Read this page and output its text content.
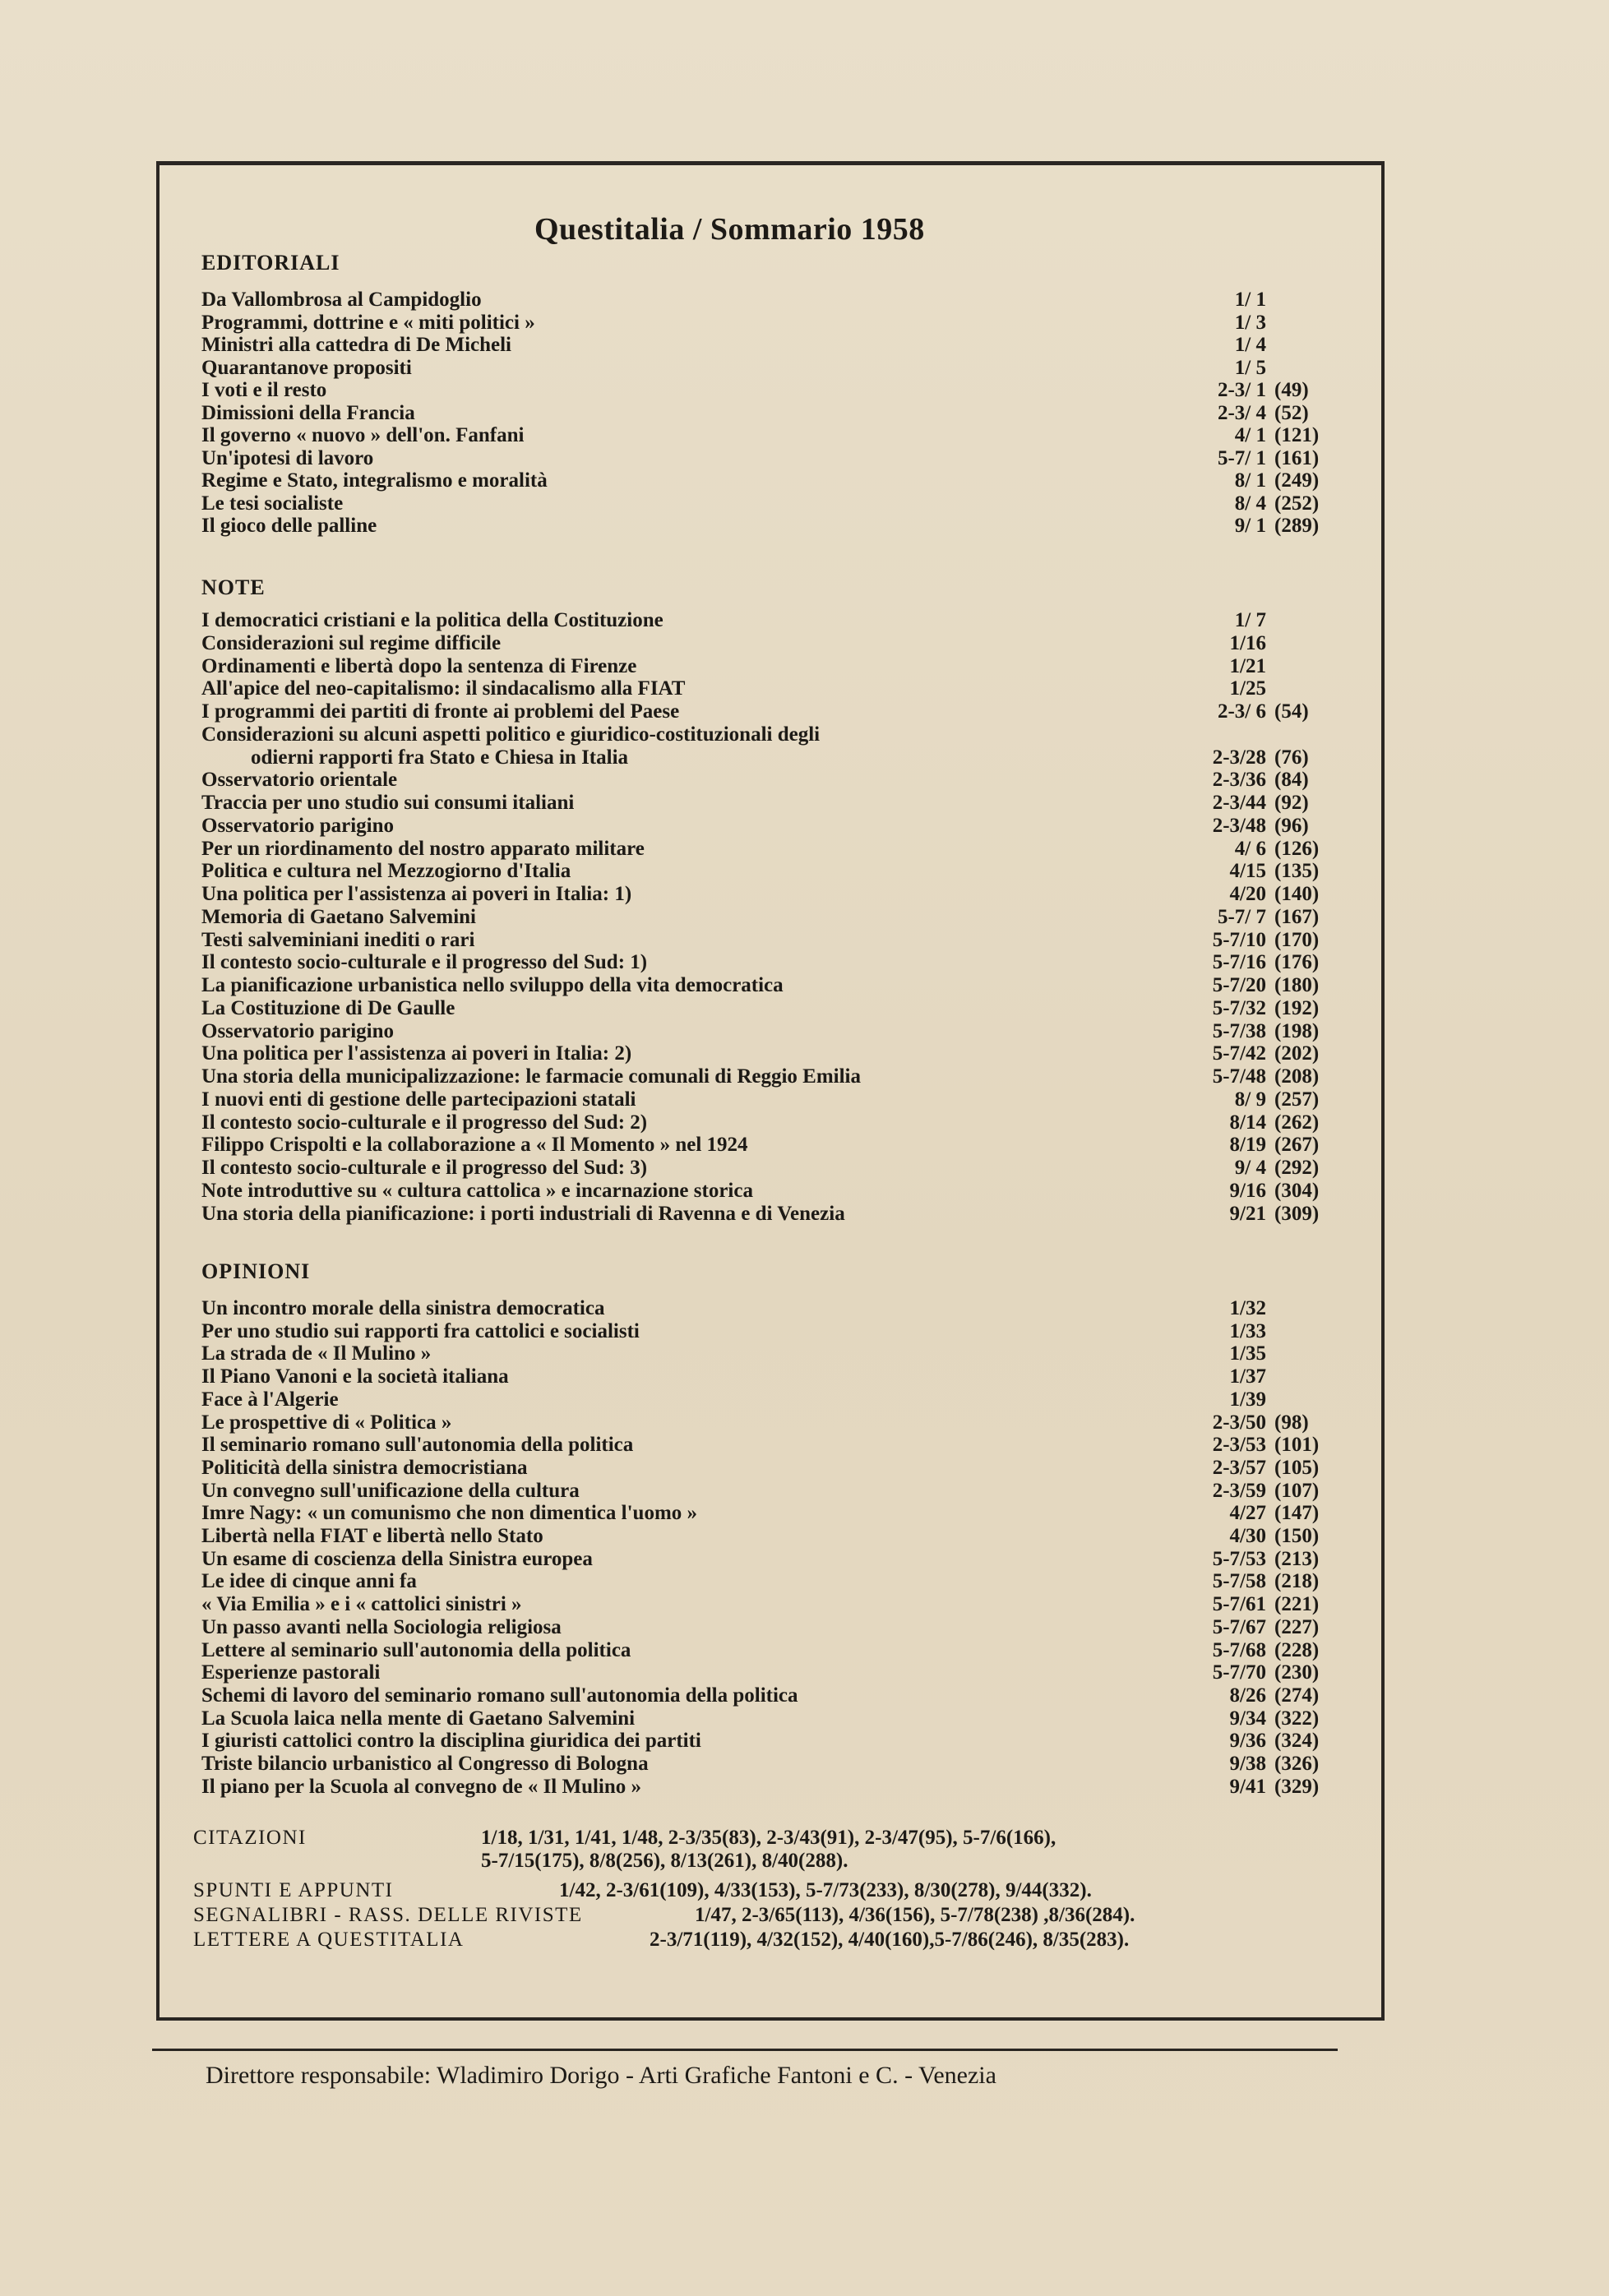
Questitalia / Sommario 1958
EDITORIALI
Da Vallombrosa al Campidoglio	1/ 1
Programmi, dottrine e « miti politici »	1/ 3
Ministri alla cattedra di De Micheli	1/ 4
Quarantanove propositi	1/ 5
I voti e il resto	2-3/ 1 (49)
Dimissioni della Francia	2-3/ 4 (52)
Il governo « nuovo » dell'on. Fanfani	4/ 1 (121)
Un'ipotesi di lavoro	5-7/ 1 (161)
Regime e Stato, integralismo e moralità	8/ 1 (249)
Le tesi socialiste	8/ 4 (252)
Il gioco delle palline	9/ 1 (289)
NOTE
I democratici cristiani e la politica della Costituzione	1/ 7
Considerazioni sul regime difficile	1/16
Ordinamenti e libertà dopo la sentenza di Firenze	1/21
All'apice del neo-capitalismo: il sindacalismo alla FIAT	1/25
I programmi dei partiti di fronte ai problemi del Paese	2-3/ 6 (54)
Considerazioni su alcuni aspetti politico e giuridico-costituzionali degli
odierni rapporti fra Stato e Chiesa in Italia	2-3/28 (76)
Osservatorio orientale	2-3/36 (84)
Traccia per uno studio sui consumi italiani	2-3/44 (92)
Osservatorio parigino	2-3/48 (96)
Per un riordinamento del nostro apparato militare	4/ 6 (126)
Politica e cultura nel Mezzogiorno d'Italia	4/15 (135)
Una politica per l'assistenza ai poveri in Italia: 1)	4/20 (140)
Memoria di Gaetano Salvemini	5-7/ 7 (167)
Testi salveminiani inediti o rari	5-7/10 (170)
Il contesto socio-culturale e il progresso del Sud: 1)	5-7/16 (176)
La pianificazione urbanistica nello sviluppo della vita democratica	5-7/20 (180)
La Costituzione di De Gaulle	5-7/32 (192)
Osservatorio parigino	5-7/38 (198)
Una politica per l'assistenza ai poveri in Italia: 2)	5-7/42 (202)
Una storia della municipalizzazione: le farmacie comunali di Reggio Emilia	5-7/48 (208)
I nuovi enti di gestione delle partecipazioni statali	8/ 9 (257)
Il contesto socio-culturale e il progresso del Sud: 2)	8/14 (262)
Filippo Crispolti e la collaborazione a « Il Momento » nel 1924	8/19 (267)
Il contesto socio-culturale e il progresso del Sud: 3)	9/ 4 (292)
Note introduttive su « cultura cattolica » e incarnazione storica	9/16 (304)
Una storia della pianificazione: i porti industriali di Ravenna e di Venezia	9/21 (309)
OPINIONI
Un incontro morale della sinistra democratica	1/32
Per uno studio sui rapporti fra cattolici e socialisti	1/33
La strada de « Il Mulino »	1/35
Il Piano Vanoni e la società italiana	1/37
Face à l'Algerie	1/39
Le prospettive di « Politica »	2-3/50 (98)
Il seminario romano sull'autonomia della politica	2-3/53 (101)
Politicità della sinistra democristiana	2-3/57 (105)
Un convegno sull'unificazione della cultura	2-3/59 (107)
Imre Nagy: « un comunismo che non dimentica l'uomo »	4/27 (147)
Libertà nella FIAT e libertà nello Stato	4/30 (150)
Un esame di coscienza della Sinistra europea	5-7/53 (213)
Le idee di cinque anni fa	5-7/58 (218)
« Via Emilia » e i « cattolici sinistri »	5-7/61 (221)
Un passo avanti nella Sociologia religiosa	5-7/67 (227)
Lettere al seminario sull'autonomia della politica	5-7/68 (228)
Esperienze pastorali	5-7/70 (230)
Schemi di lavoro del seminario romano sull'autonomia della politica	8/26 (274)
La Scuola laica nella mente di Gaetano Salvemini	9/34 (322)
I giuristi cattolici contro la disciplina giuridica dei partiti	9/36 (324)
Triste bilancio urbanistico al Congresso di Bologna	9/38 (326)
Il piano per la Scuola al convegno de « Il Mulino »	9/41 (329)
CITAZIONI	1/18, 1/31, 1/41, 1/48, 2-3/35(83), 2-3/43(91), 2-3/47(95), 5-7/6(166),
5-7/15(175), 8/8(256), 8/13(261), 8/40(288).
SPUNTI E APPUNTI	1/42, 2-3/61(109), 4/33(153), 5-7/73(233), 8/30(278), 9/44(332).
SEGNALIBRI - RASS. DELLE RIVISTE	1/47, 2-3/65(113), 4/36(156), 5-7/78(238) ,8/36(284).
LETTERE A QUESTITALIA	2-3/71(119), 4/32(152), 4/40(160),5-7/86(246), 8/35(283).
Direttore responsabile: Wladimiro Dorigo - Arti Grafiche Fantoni e C. - Venezia
